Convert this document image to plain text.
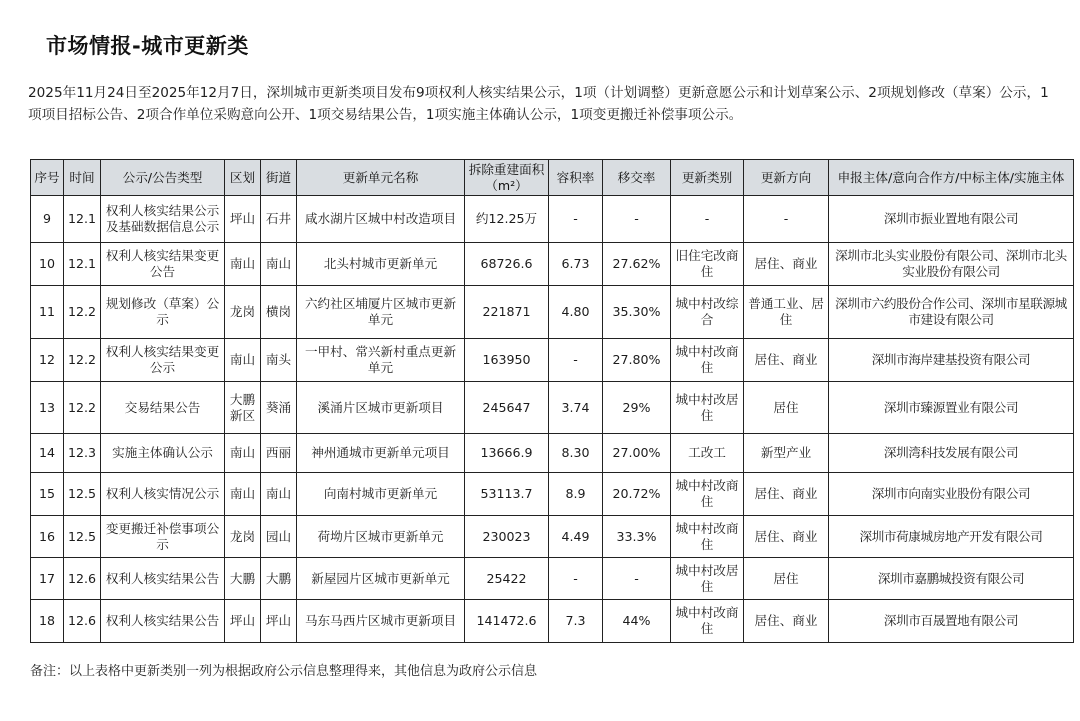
市场情报-城市更新类
2025年11月24日至2025年12月7日，深圳城市更新类项目发布9项权利人核实结果公示，1项（计划调整）更新意愿公示和计划草案公示、2项规划修改（草案）公示，1项项目招标公告、2项合作单位采购意向公开、1项交易结果公告，1项实施主体确认公示，1项变更搬迁补偿事项公示。
序号	时间	公示/公告类型	区划	街道	更新单元名称	拆除重建面积（m²）	容积率	移交率	更新类别	更新方向	申报主体/意向合作方/中标主体/实施主体
9	12.1	权利人核实结果公示及基础数据信息公示	坪山	石井	咸水湖片区城中村改造项目	约12.25万	-	-	-	-	深圳市振业置地有限公司
10	12.1	权利人核实结果变更公告	南山	南山	北头村城市更新单元	68726.6	6.73	27.62%	旧住宅改商住	居住、商业	深圳市北头实业股份有限公司、深圳市北头实业股份有限公司
11	12.2	规划修改（草案）公示	龙岗	横岗	六约社区埔厦片区城市更新单元	221871	4.80	35.30%	城中村改综合	普通工业、居住	深圳市六约股份合作公司、深圳市星联源城市建设有限公司
12	12.2	权利人核实结果变更公示	南山	南头	一甲村、常兴新村重点更新单元	163950	-	27.80%	城中村改商住	居住、商业	深圳市海岸建基投资有限公司
13	12.2	交易结果公告	大鹏新区	葵涌	溪涌片区城市更新项目	245647	3.74	29%	城中村改居住	居住	深圳市臻源置业有限公司
14	12.3	实施主体确认公示	南山	西丽	神州通城市更新单元项目	13666.9	8.30	27.00%	工改工	新型产业	深圳湾科技发展有限公司
15	12.5	权利人核实情况公示	南山	南山	向南村城市更新单元	53113.7	8.9	20.72%	城中村改商住	居住、商业	深圳市向南实业股份有限公司
16	12.5	变更搬迁补偿事项公示	龙岗	园山	荷坳片区城市更新单元	230023	4.49	33.3%	城中村改商住	居住、商业	深圳市荷康城房地产开发有限公司
17	12.6	权利人核实结果公告	大鹏	大鹏	新屋园片区城市更新单元	25422	-	-	城中村改居住	居住	深圳市嘉鹏城投资有限公司
18	12.6	权利人核实结果公告	坪山	坪山	马东马西片区城市更新项目	141472.6	7.3	44%	城中村改商住	居住、商业	深圳市百晟置地有限公司
备注：以上表格中更新类别一列为根据政府公示信息整理得来，其他信息为政府公示信息
